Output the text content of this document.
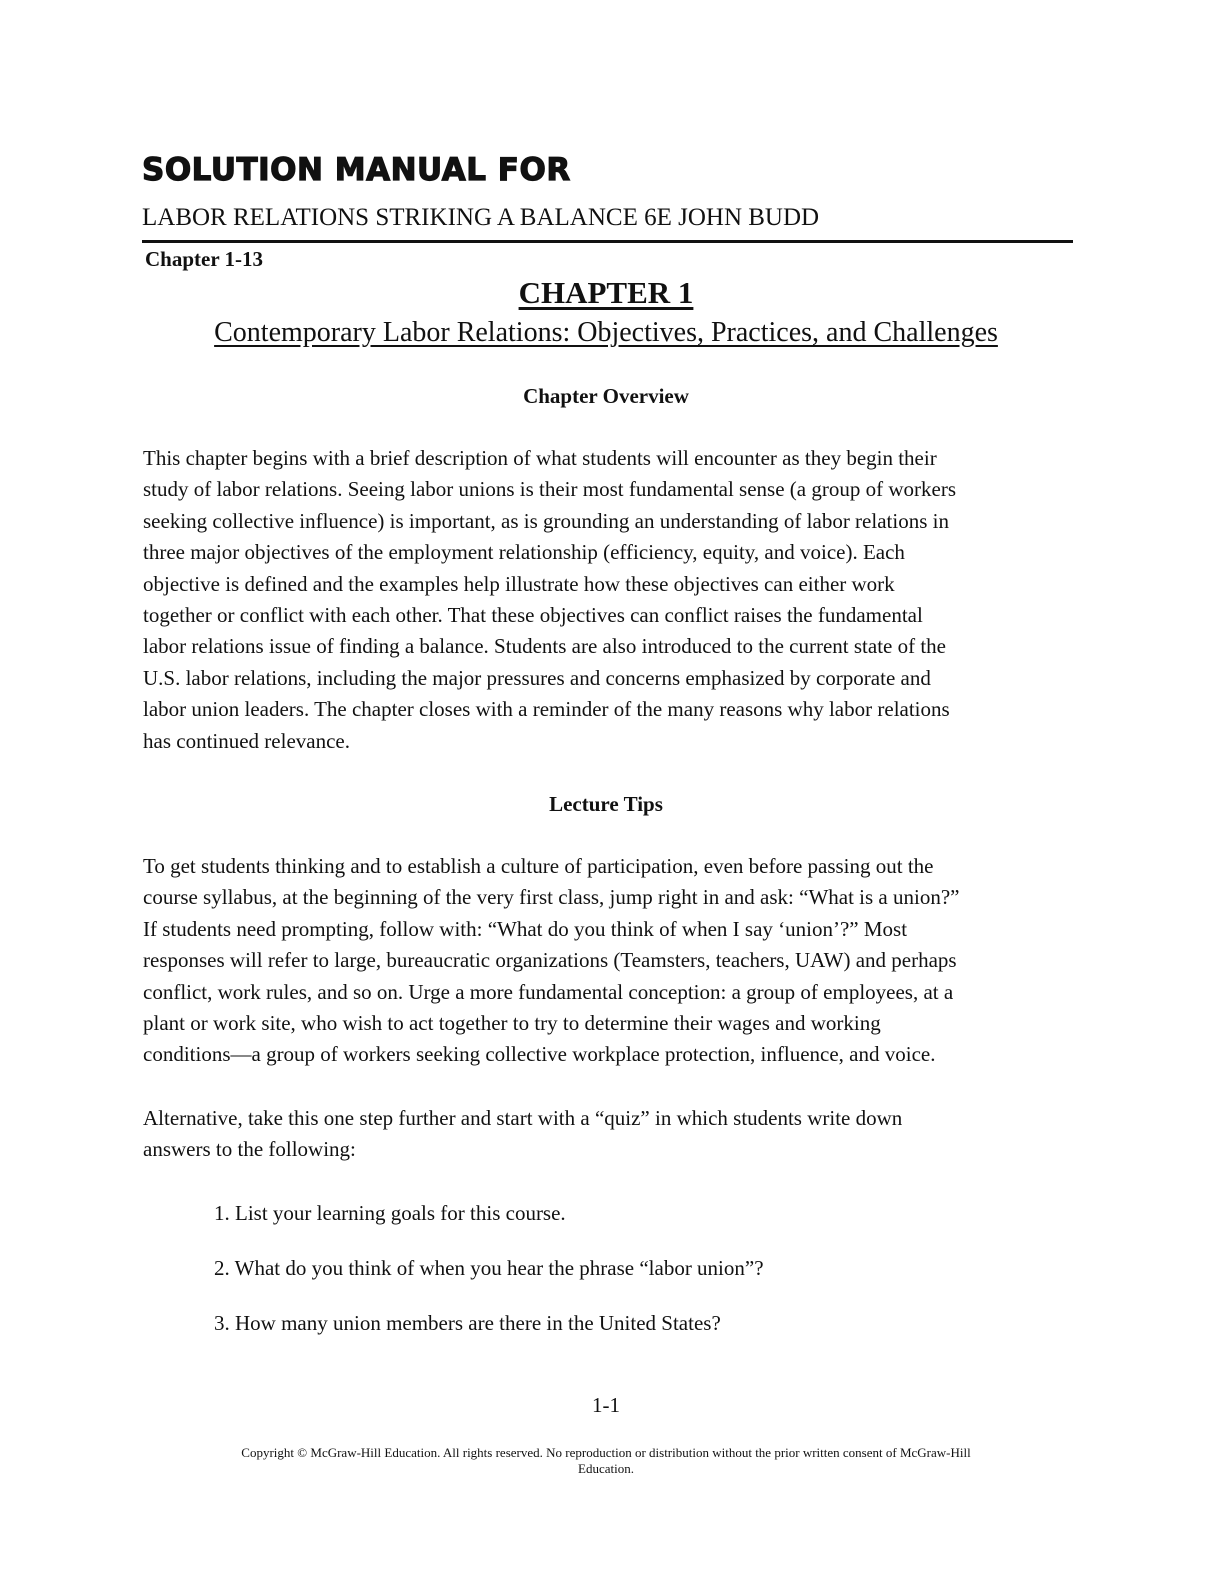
SOLUTION MANUAL FOR

LABOR RELATIONS STRIKING A BALANCE 6E JOHN BUDD

Chapter 1-13

CHAPTER 1

Contemporary Labor Relations: Objectives, Practices, and Challenges

Chapter Overview
This chapter begins with a brief description of what students will encounter as they begin their
study of labor relations. Seeing labor unions is their most fundamental sense (a group of workers
seeking collective influence) is important, as is grounding an understanding of labor relations in
three major objectives of the employment relationship (efficiency, equity, and voice). Each
objective is defined and the examples help illustrate how these objectives can either work
together or conflict with each other. That these objectives can conflict raises the fundamental
labor relations issue of finding a balance. Students are also introduced to the current state of the
U.S. labor relations, including the major pressures and concerns emphasized by corporate and
labor union leaders. The chapter closes with a reminder of the many reasons why labor relations
has continued relevance.
Lecture Tips
To get students thinking and to establish a culture of participation, even before passing out the
course syllabus, at the beginning of the very first class, jump right in and ask: “What is a union?”
If students need prompting, follow with: “What do you think of when I say ‘union’?” Most
responses will refer to large, bureaucratic organizations (Teamsters, teachers, UAW) and perhaps
conflict, work rules, and so on. Urge a more fundamental conception: a group of employees, at a
plant or work site, who wish to act together to try to determine their wages and working
conditions—a group of workers seeking collective workplace protection, influence, and voice.
Alternative, take this one step further and start with a “quiz” in which students write down
answers to the following:

1. List your learning goals for this course.

2. What do you think of when you hear the phrase “labor union”?

3. How many union members are there in the United States?

1-1

Copyright © McGraw-Hill Education. All rights reserved. No reproduction or distribution without the prior written consent of McGraw-Hill
Education.
